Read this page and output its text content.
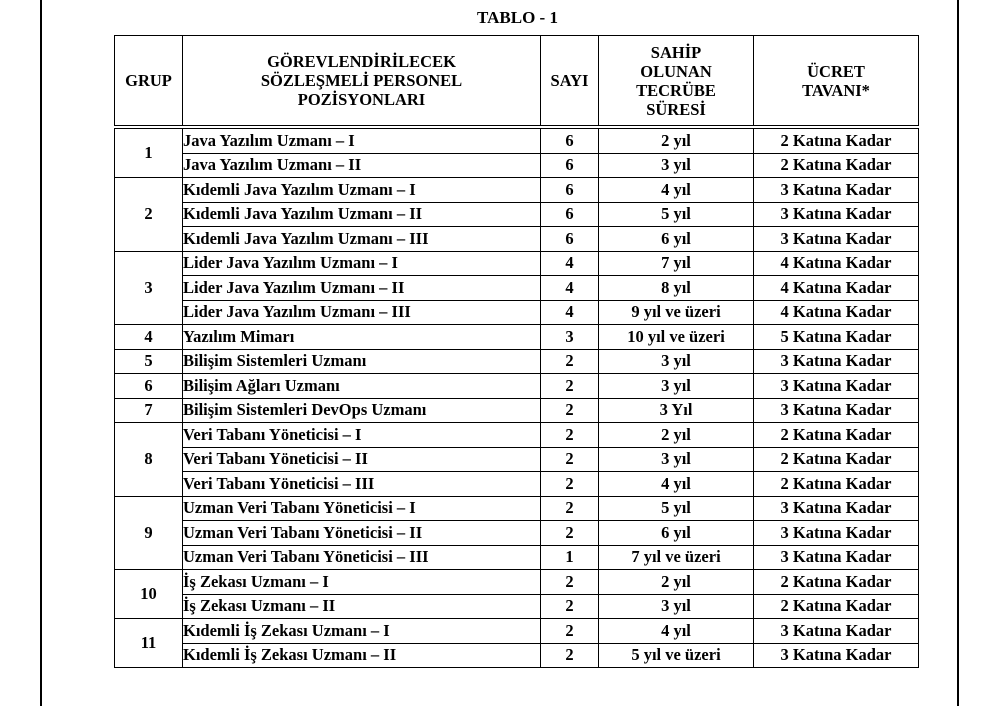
TABLO - 1
GRUP	GÖREVLENDİRİLECEK SÖZLEŞMELİ PERSONEL POZİSYONLARI	SAYI	SAHİP OLUNAN TECRÜBE SÜRESİ	ÜCRET TAVANI*
1	Java Yazılım Uzmanı – I	6	2 yıl	2 Katına Kadar
	Java Yazılım Uzmanı – II	6	3 yıl	2 Katına Kadar
2	Kıdemli Java Yazılım Uzmanı – I	6	4 yıl	3 Katına Kadar
	Kıdemli Java Yazılım Uzmanı – II	6	5 yıl	3 Katına Kadar
	Kıdemli Java Yazılım Uzmanı – III	6	6 yıl	3 Katına Kadar
3	Lider Java Yazılım Uzmanı – I	4	7 yıl	4 Katına Kadar
	Lider Java Yazılım Uzmanı – II	4	8 yıl	4 Katına Kadar
	Lider Java Yazılım Uzmanı – III	4	9 yıl ve üzeri	4 Katına Kadar
4	Yazılım Mimarı	3	10 yıl ve üzeri	5 Katına Kadar
5	Bilişim Sistemleri Uzmanı	2	3 yıl	3 Katına Kadar
6	Bilişim Ağları Uzmanı	2	3 yıl	3 Katına Kadar
7	Bilişim Sistemleri DevOps Uzmanı	2	3 Yıl	3 Katına Kadar
8	Veri Tabanı Yöneticisi – I	2	2 yıl	2 Katına Kadar
	Veri Tabanı Yöneticisi – II	2	3 yıl	2 Katına Kadar
	Veri Tabanı Yöneticisi – III	2	4 yıl	2 Katına Kadar
9	Uzman Veri Tabanı Yöneticisi – I	2	5 yıl	3 Katına Kadar
	Uzman Veri Tabanı Yöneticisi – II	2	6 yıl	3 Katına Kadar
	Uzman Veri Tabanı Yöneticisi – III	1	7 yıl ve üzeri	3 Katına Kadar
10	İş Zekası Uzmanı – I	2	2 yıl	2 Katına Kadar
	İş Zekası Uzmanı – II	2	3 yıl	2 Katına Kadar
11	Kıdemli İş Zekası Uzmanı – I	2	4 yıl	3 Katına Kadar
	Kıdemli İş Zekası Uzmanı – II	2	5 yıl ve üzeri	3 Katına Kadar
